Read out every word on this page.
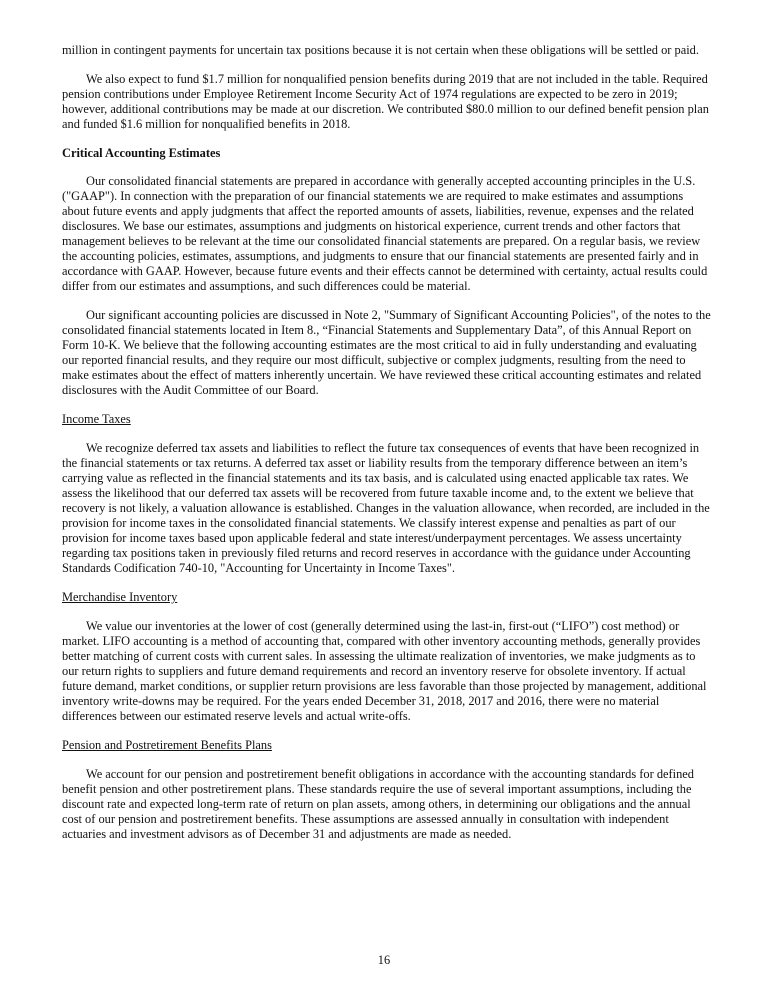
million in contingent payments for uncertain tax positions because it is not certain when these obligations will be settled or paid.

We also expect to fund $1.7 million for nonqualified pension benefits during 2019 that are not included in the table. Required pension contributions under Employee Retirement Income Security Act of 1974 regulations are expected to be zero in 2019; however, additional contributions may be made at our discretion. We contributed $80.0 million to our defined benefit pension plan and funded $1.6 million for nonqualified benefits in 2018.

Critical Accounting Estimates

Our consolidated financial statements are prepared in accordance with generally accepted accounting principles in the U.S. ("GAAP"). In connection with the preparation of our financial statements we are required to make estimates and assumptions about future events and apply judgments that affect the reported amounts of assets, liabilities, revenue, expenses and the related disclosures. We base our estimates, assumptions and judgments on historical experience, current trends and other factors that management believes to be relevant at the time our consolidated financial statements are prepared. On a regular basis, we review the accounting policies, estimates, assumptions, and judgments to ensure that our financial statements are presented fairly and in accordance with GAAP. However, because future events and their effects cannot be determined with certainty, actual results could differ from our estimates and assumptions, and such differences could be material.

Our significant accounting policies are discussed in Note 2, "Summary of Significant Accounting Policies", of the notes to the consolidated financial statements located in Item 8., “Financial Statements and Supplementary Data”, of this Annual Report on Form 10-K. We believe that the following accounting estimates are the most critical to aid in fully understanding and evaluating our reported financial results, and they require our most difficult, subjective or complex judgments, resulting from the need to make estimates about the effect of matters inherently uncertain. We have reviewed these critical accounting estimates and related disclosures with the Audit Committee of our Board.

Income Taxes

We recognize deferred tax assets and liabilities to reflect the future tax consequences of events that have been recognized in the financial statements or tax returns. A deferred tax asset or liability results from the temporary difference between an item’s carrying value as reflected in the financial statements and its tax basis, and is calculated using enacted applicable tax rates. We assess the likelihood that our deferred tax assets will be recovered from future taxable income and, to the extent we believe that recovery is not likely, a valuation allowance is established. Changes in the valuation allowance, when recorded, are included in the provision for income taxes in the consolidated financial statements. We classify interest expense and penalties as part of our provision for income taxes based upon applicable federal and state interest/underpayment percentages. We assess uncertainty regarding tax positions taken in previously filed returns and record reserves in accordance with the guidance under Accounting Standards Codification 740-10, "Accounting for Uncertainty in Income Taxes".

Merchandise Inventory

We value our inventories at the lower of cost (generally determined using the last-in, first-out (“LIFO”) cost method) or market. LIFO accounting is a method of accounting that, compared with other inventory accounting methods, generally provides better matching of current costs with current sales. In assessing the ultimate realization of inventories, we make judgments as to our return rights to suppliers and future demand requirements and record an inventory reserve for obsolete inventory. If actual future demand, market conditions, or supplier return provisions are less favorable than those projected by management, additional inventory write-downs may be required. For the years ended December 31, 2018, 2017 and 2016, there were no material differences between our estimated reserve levels and actual write-offs.

Pension and Postretirement Benefits Plans

We account for our pension and postretirement benefit obligations in accordance with the accounting standards for defined benefit pension and other postretirement plans. These standards require the use of several important assumptions, including the discount rate and expected long-term rate of return on plan assets, among others, in determining our obligations and the annual cost of our pension and postretirement benefits. These assumptions are assessed annually in consultation with independent actuaries and investment advisors as of December 31 and adjustments are made as needed.

16
